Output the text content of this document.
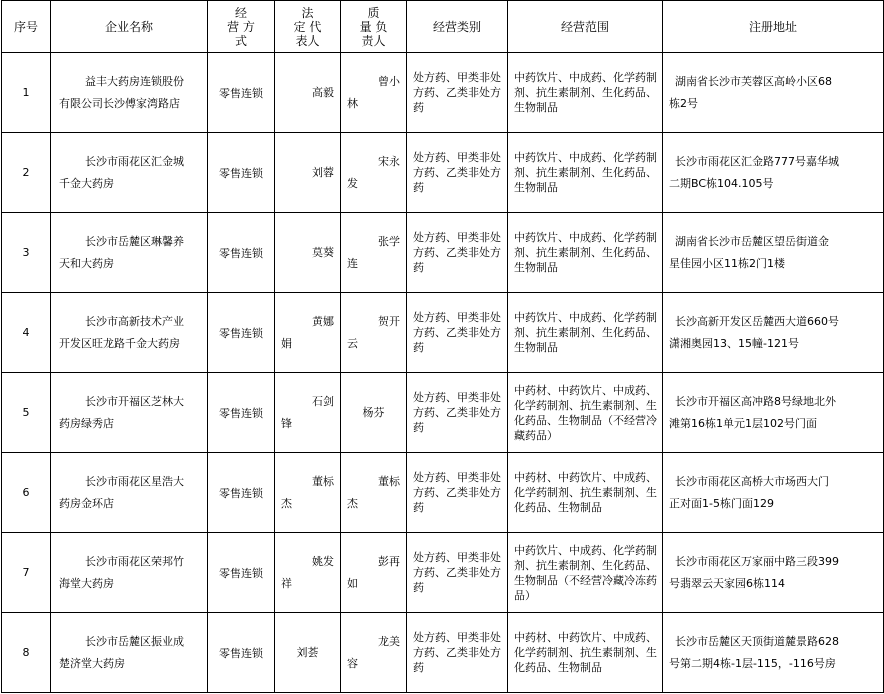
序号	企业名称	经
营 方
式	法
定 代
表人	质
量 负
责人	经营类别	经营范围	注册地址
1	益丰大药房连锁股份
有限公司长沙傅家湾路店	零售连锁	高毅	曾小
林	处方药、甲类非处方药、乙类非处方药	中药饮片、中成药、化学药制剂、抗生素制剂、生化药品、生物制品	湖南省长沙市芙蓉区高岭小区68
栋2号

2	长沙市雨花区汇金城
千金大药房	零售连锁	刘蓉	宋永
发	处方药、甲类非处方药、乙类非处方药	中药饮片、中成药、化学药制剂、抗生素制剂、生化药品、生物制品	长沙市雨花区汇金路777号嘉华城
二期BC栋104.105号

3	长沙市岳麓区琳馨养
天和大药房	零售连锁	莫葵	张学
连	处方药、甲类非处方药、乙类非处方药	中药饮片、中成药、化学药制剂、抗生素制剂、生化药品、生物制品	湖南省长沙市岳麓区望岳街道金
星佳园小区11栋2门1楼

4	长沙市高新技术产业
开发区旺龙路千金大药房	零售连锁	黄娜
娟	贺开
云	处方药、甲类非处方药、乙类非处方药	中药饮片、中成药、化学药制剂、抗生素制剂、生化药品、生物制品	长沙高新开发区岳麓西大道660号
潇湘奥园13、15幢-121号

5	长沙市开福区芝林大
药房绿秀店	零售连锁	石剑
锋	杨芬	处方药、甲类非处方药、乙类非处方药	中药材、中药饮片、中成药、化学药制剂、抗生素制剂、生化药品、生物制品（不经营冷藏药品）	长沙市开福区高冲路8号绿地北外
滩第16栋1单元1层102号门面

6	长沙市雨花区星浩大
药房金环店	零售连锁	董标
杰	董标
杰	处方药、甲类非处方药、乙类非处方药	中药材、中药饮片、中成药、化学药制剂、抗生素制剂、生化药品、生物制品	长沙市雨花区高桥大市场西大门
正对面1-5栋门面129

7	长沙市雨花区荣邦竹
海堂大药房	零售连锁	姚发
祥	彭再
如	处方药、甲类非处方药、乙类非处方药	中药饮片、中成药、化学药制剂、抗生素制剂、生化药品、生物制品（不经营冷藏冷冻药品）	长沙市雨花区万家丽中路三段399
号翡翠云天家园6栋114

8	长沙市岳麓区振业成
楚济堂大药房	零售连锁	刘荟	龙美
容	处方药、甲类非处方药、乙类非处方药	中药材、中药饮片、中成药、化学药制剂、抗生素制剂、生化药品、生物制品	长沙市岳麓区天顶街道麓景路628
号第二期4栋-1层-115，-116号房
